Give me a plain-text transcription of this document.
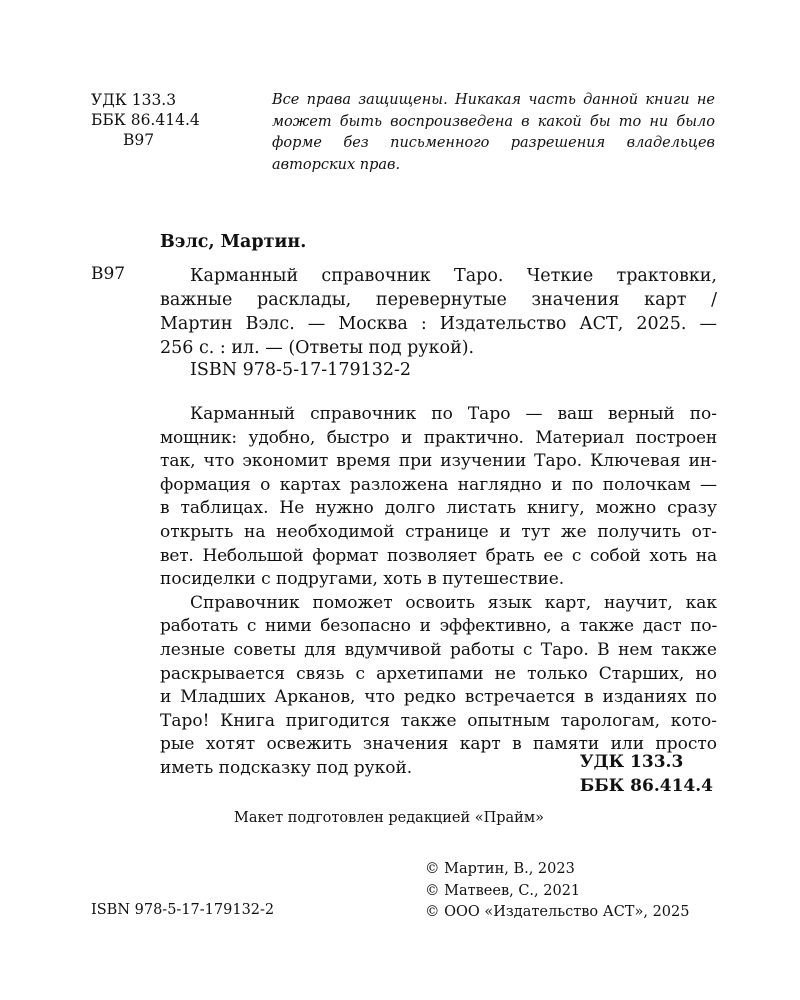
УДК 133.3
ББК 86.414.4
В97
Все права защищены. Никакая часть данной книги не может быть воспроизведена в какой бы то ни было форме без письменного разрешения владельцев авторских прав.
Вэлс, Мартин.
В97	Карманный справочник Таро. Четкие трактовки,
важные расклады, перевернутые значения карт /
Мартин Вэлс. — Москва : Издательство АСТ, 2025. —
256 с. : ил. — (Ответы под рукой).
ISBN 978-5-17-179132-2

Карманный справочник по Таро — ваш верный по-
мощник: удобно, быстро и практично. Материал построен
так, что экономит время при изучении Таро. Ключевая ин-
формация о картах разложена наглядно и по полочкам —
в таблицах. Не нужно долго листать книгу, можно сразу
открыть на необходимой странице и тут же получить от-
вет. Небольшой формат позволяет брать ее с собой хоть на
посиделки с подругами, хоть в путешествие.

Справочник поможет освоить язык карт, научит, как
работать с ними безопасно и эффективно, а также даст по-
лезные советы для вдумчивой работы с Таро. В нем также
раскрывается связь с архетипами не только Старших, но
и Младших Арканов, что редко встречается в изданиях по
Таро! Книга пригодится также опытным тарологам, кото-
рые хотят освежить значения карт в памяти или просто
иметь подсказку под рукой.	УДК 133.3
ББК 86.414.4
Макет подготовлен редакцией «Прайм»
© Мартин, В., 2023
© Матвеев, С., 2021
© ООО «Издательство АСТ», 2025
ISBN 978-5-17-179132-2
